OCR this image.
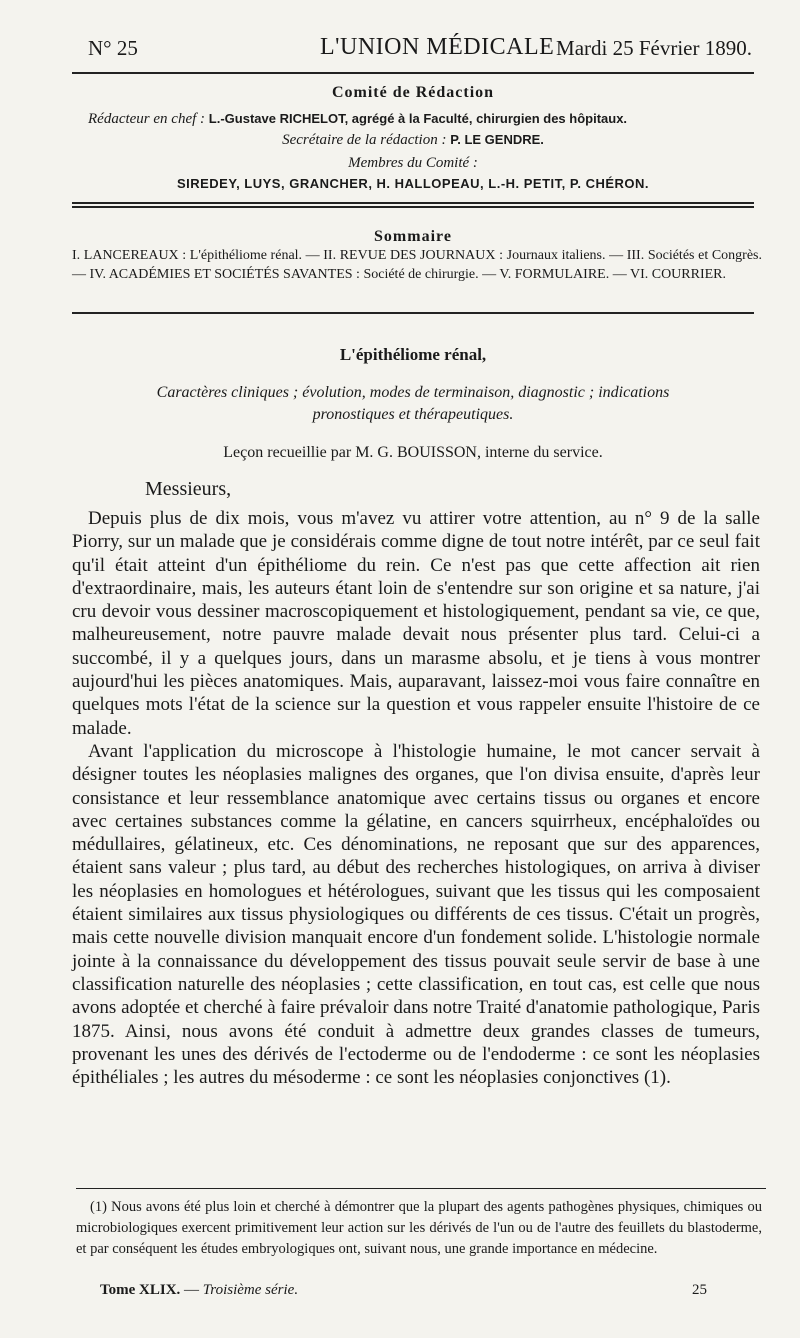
N° 25	L'UNION MÉDICALE Mardi 25 Février 1890.
Comité de Rédaction
Rédacteur en chef : L.-Gustave RICHELOT, agrégé à la Faculté, chirurgien des hôpitaux.
Secrétaire de la rédaction : P. LE GENDRE.
Membres du Comité :
SIREDEY, LUYS, GRANCHER, H. HALLOPEAU, L.-H. PETIT, P. CHÉRON.
Sommaire
I. LANCEREAUX : L'épithéliome rénal. — II. REVUE DES JOURNAUX : Journaux italiens. — III. Sociétés et Congrès. — IV. ACADÉMIES ET SOCIÉTÉS SAVANTES : Société de chirurgie. — V. FORMULAIRE. — VI. COURRIER.
L'épithéliome rénal,
Caractères cliniques ; évolution, modes de terminaison, diagnostic ; indications
pronostiques et thérapeutiques.
Leçon recueillie par M. G. BOUISSON, interne du service.
Messieurs,

Depuis plus de dix mois, vous m'avez vu attirer votre attention, au n° 9 de la salle Piorry, sur un malade que je considérais comme digne de tout notre intérêt, par ce seul fait qu'il était atteint d'un épithéliome du rein. Ce n'est pas que cette affection ait rien d'extraordinaire, mais, les auteurs étant loin de s'entendre sur son origine et sa nature, j'ai cru devoir vous dessiner macroscopiquement et histologiquement, pendant sa vie, ce que, malheureusement, notre pauvre malade devait nous présenter plus tard. Celui-ci a succombé, il y a quelques jours, dans un marasme absolu, et je tiens à vous montrer aujourd'hui les pièces anatomiques. Mais, auparavant, laissez-moi vous faire connaître en quelques mots l'état de la science sur la question et vous rappeler ensuite l'histoire de ce malade.

Avant l'application du microscope à l'histologie humaine, le mot cancer servait à désigner toutes les néoplasies malignes des organes, que l'on divisa ensuite, d'après leur consistance et leur ressemblance anatomique avec certains tissus ou organes et encore avec certaines substances comme la gélatine, en cancers squirrheux, encéphaloïdes ou médullaires, gélatineux, etc. Ces dénominations, ne reposant que sur des apparences, étaient sans valeur ; plus tard, au début des recherches histologiques, on arriva à diviser les néoplasies en homologues et hétérologues, suivant que les tissus qui les composaient étaient similaires aux tissus physiologiques ou différents de ces tissus. C'était un progrès, mais cette nouvelle division manquait encore d'un fondement solide. L'histologie normale jointe à la connaissance du développement des tissus pouvait seule servir de base à une classification naturelle des néoplasies ; cette classification, en tout cas, est celle que nous avons adoptée et cherché à faire prévaloir dans notre Traité d'anatomie pathologique, Paris 1875. Ainsi, nous avons été conduit à admettre deux grandes classes de tumeurs, provenant les unes des dérivés de l'ectoderme ou de l'endoderme : ce sont les néoplasies épithéliales ; les autres du mésoderme : ce sont les néoplasies conjonctives (1).

(1) Nous avons été plus loin et cherché à démontrer que la plupart des agents pathogènes physiques, chimiques ou microbiologiques exercent primitivement leur action sur les dérivés de l'un ou de l'autre des feuillets du blastoderme, et par conséquent les études embryologiques ont, suivant nous, une grande importance en médecine.
Tome XLIX. — Troisième série.	25
